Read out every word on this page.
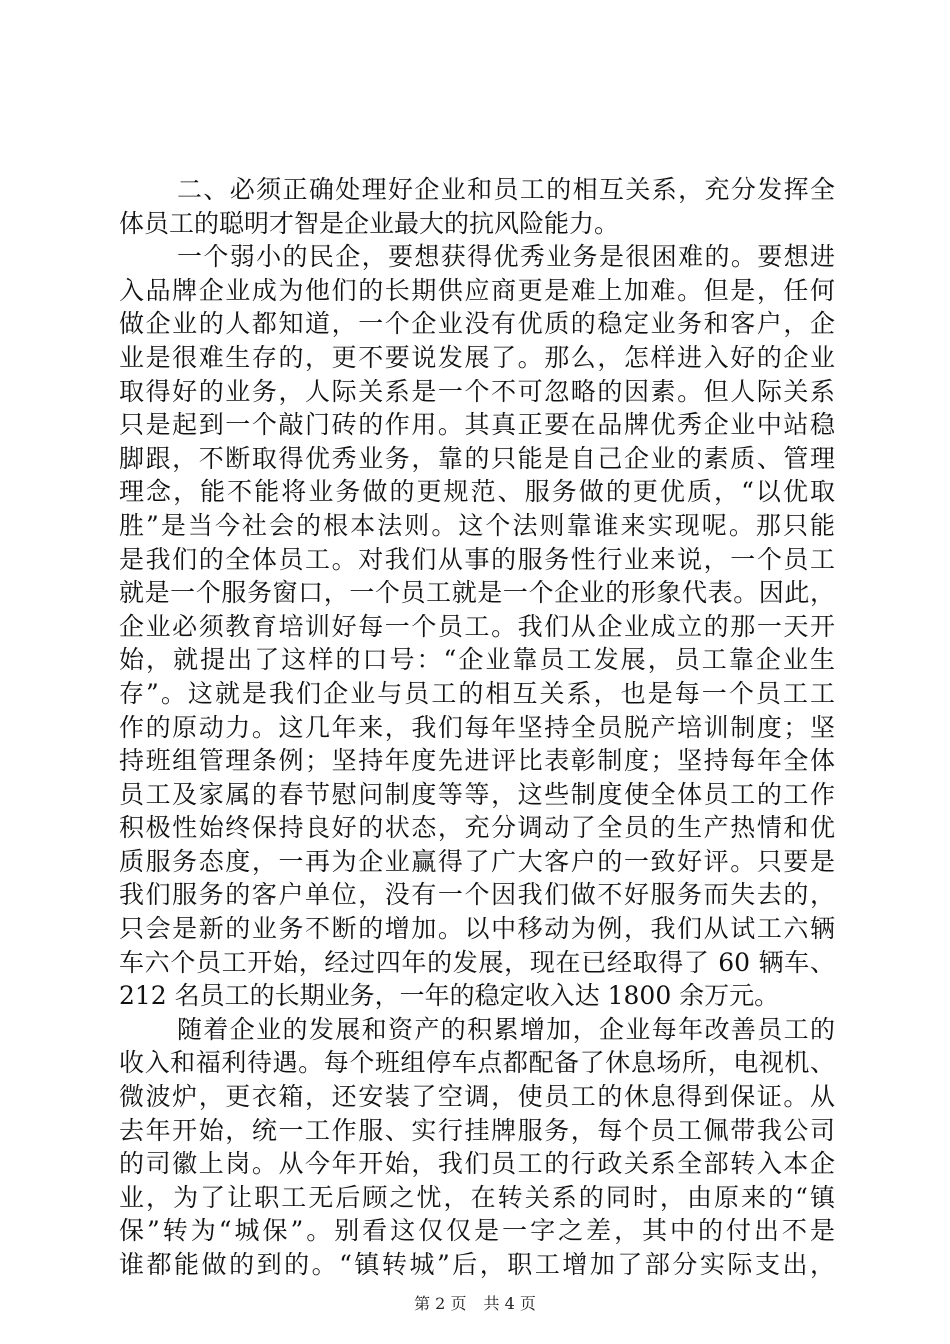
二、必须正确处理好企业和员工的相互关系，充分发挥全
体员工的聪明才智是企业最大的抗风险能力。
一个弱小的民企，要想获得优秀业务是很困难的。要想进
入品牌企业成为他们的长期供应商更是难上加难。但是，任何
做企业的人都知道，一个企业没有优质的稳定业务和客户，企
业是很难生存的，更不要说发展了。那么，怎样进入好的企业
取得好的业务，人际关系是一个不可忽略的因素。但人际关系
只是起到一个敲门砖的作用。其真正要在品牌优秀企业中站稳
脚跟，不断取得优秀业务，靠的只能是自己企业的素质、管理
理念，能不能将业务做的更规范、服务做的更优质，“以优取
胜”是当今社会的根本法则。这个法则靠谁来实现呢。那只能
是我们的全体员工。对我们从事的服务性行业来说，一个员工
就是一个服务窗口，一个员工就是一个企业的形象代表。因此，
企业必须教育培训好每一个员工。我们从企业成立的那一天开
始，就提出了这样的口号：“企业靠员工发展，员工靠企业生
存”。这就是我们企业与员工的相互关系，也是每一个员工工
作的原动力。这几年来，我们每年坚持全员脱产培训制度；坚
持班组管理条例；坚持年度先进评比表彰制度；坚持每年全体
员工及家属的春节慰问制度等等，这些制度使全体员工的工作
积极性始终保持良好的状态，充分调动了全员的生产热情和优
质服务态度，一再为企业赢得了广大客户的一致好评。只要是
我们服务的客户单位，没有一个因我们做不好服务而失去的，
只会是新的业务不断的增加。以中移动为例，我们从试工六辆
车六个员工开始，经过四年的发展，现在已经取得了 60 辆车、
212 名员工的长期业务，一年的稳定收入达 1800 余万元。
随着企业的发展和资产的积累增加，企业每年改善员工的
收入和福利待遇。每个班组停车点都配备了休息场所，电视机、
微波炉，更衣箱，还安装了空调，使员工的休息得到保证。从
去年开始，统一工作服、实行挂牌服务，每个员工佩带我公司
的司徽上岗。从今年开始，我们员工的行政关系全部转入本企
业，为了让职工无后顾之忧，在转关系的同时，由原来的“镇
保”转为“城保”。别看这仅仅是一字之差，其中的付出不是
谁都能做的到的。“镇转城”后，职工增加了部分实际支出，
第 2 页 共 4 页
